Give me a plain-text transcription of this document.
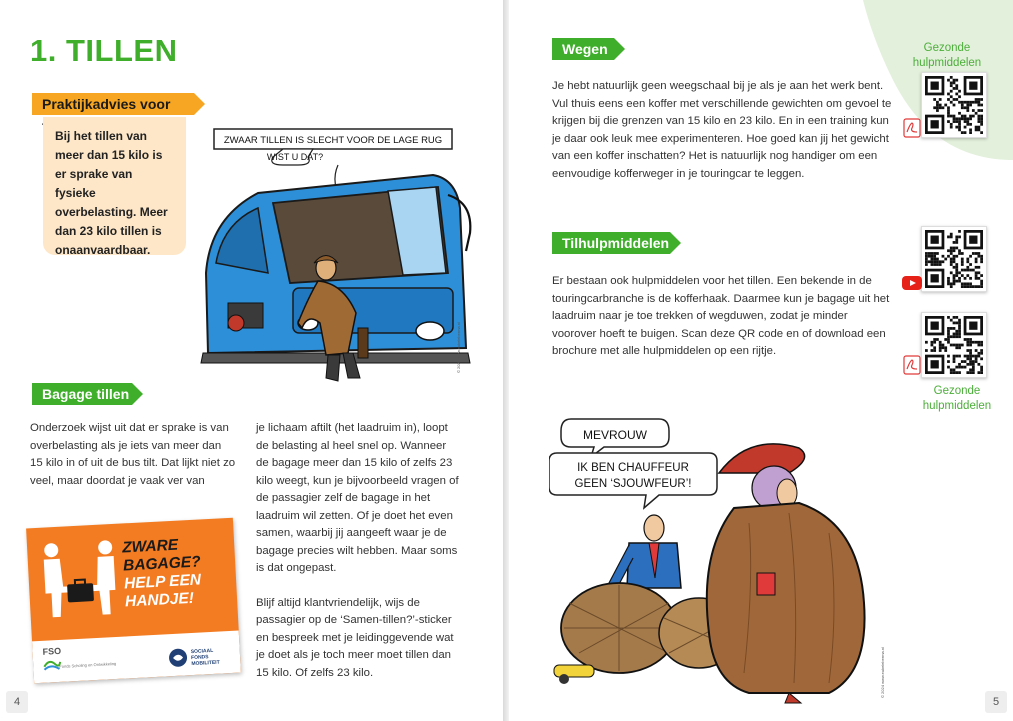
1. TILLEN
Praktijkadvies voor
Bij het tillen van meer dan 15 kilo is er sprake van fysieke overbelasting. Meer dan 23 kilo tillen is onaanvaardbaar.
ZWAAR TILLEN IS SLECHT VOOR DE LAGE RUG
WIST U DAT?
© 2024 www.eukeleberma.nl
Bagage tillen

Onderzoek wijst uit dat er sprake is van overbelasting als je iets van meer dan 15 kilo in of uit de bus tilt. Dat lijkt niet zo veel, maar doordat je vaak ver van

je lichaam aftilt (het laadruim in), loopt de belasting al heel snel op. Wanneer de bagage meer dan 15 kilo of zelfs 23 kilo weegt, kun je bijvoorbeeld vragen of de passagier zelf de bagage in het laadruim wil zetten. Of je doet het even samen, waarbij jij aangeeft waar je de bagage precies wilt hebben. Maar soms is dat ongepast.

Blijf altijd klantvriendelijk, wijs de passagier op de ‘Samen-tillen?’-sticker en bespreek met je leidinggevende wat je doet als je toch meer moet tillen dan 15 kilo. Of zelfs 23 kilo.

ZWARE
BAGAGE?
HELP EEN
HANDJE!
FSO
Fonds Scholing en Ontwikkeling
SOCIAAL FONDS MOBILITEIT
4
Wegen

Je hebt natuurlijk geen weegschaal bij je als je aan het werk bent. Vul thuis eens een koffer met verschillende gewichten om gevoel te krijgen bij die grenzen van 15 kilo en 23 kilo. En in een training kun je daar ook leuk mee experimenteren. Hoe goed kan jij het gewicht van een koffer inschatten? Het is natuurlijk nog handiger om een eenvoudige kofferweger in je touringcar te leggen.

Tilhulpmiddelen

Er bestaan ook hulpmiddelen voor het tillen. Een bekende in de touringcarbranche is de kofferhaak. Daarmee kun je bagage uit het laadruim naar je toe trekken of wegduwen, zodat je minder voorover hoeft te buigen. Scan deze QR code en of download een brochure met alle hulpmiddelen op een rijtje.

Gezonde hulpmiddelen
Gezonde hulpmiddelen
MEVROUW
IK BEN CHAUFFEUR
GEEN ‘SJOUWFEUR’!
© 2024 www.eukeleberma.nl
5
